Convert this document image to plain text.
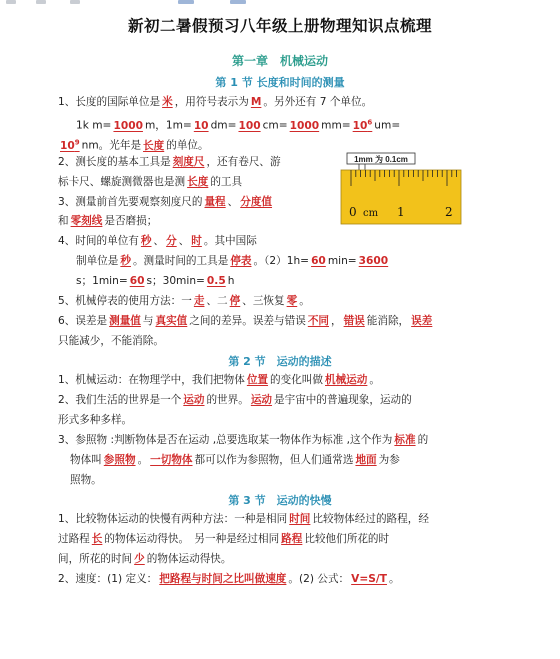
新初二暑假预习八年级上册物理知识点梳理
第一章　机械运动
第 1 节 长度和时间的测量
1、长度的国际单位是 米 ，用符号表示为 M 。另外还有 7 个单位。
1k m= 1000 m，1m= 10 dm= 100 cm= 1000 $mm= 10^6$ um=
$10^9$ nm。光年是 长度 的单位。
2、测长度的基本工具是 刻度尺 ，还有卷尺、游
标卡尺、螺旋测微器也是测 长度 的工具
3、测量前首先要观察刻度尺的 量程 、 分度值
和 零刻线 是否磨损；
4、时间的单位有 秒 、 分 、 时 。其中国际
制单位是 秒 。测量时间的工具是 停表 。（2）1h= 60 min= 3600
s；1min= 60 s；30min= 0.5 h
5、机械停表的使用方法：一 走 、二 停 、三恢复 零 。
6、误差是 测量值 与 真实值 之间的差异。误差与错误 不同 ， 错误 能消除， 误差
只能减少，不能消除。
1mm 为 0.1cm
0 cm 1	2
第 2 节　运动的描述
1、机械运动：在物理学中，我们把物体 位置 的变化叫做 机械运动 。
2、我们生活的世界是一个 运动 的世界。 运动 是宇宙中的普遍现象，运动的
形式多种多样。
3、参照物 :判断物体是否在运动 ,总要选取某一物体作为标准 ,这个作为 标准 的
物体叫 参照物 。 一切物体 都可以作为参照物，但人们通常选 地面 为参
照物。
第 3 节　运动的快慢
1、比较物体运动的快慢有两种方法：一种是相同 时间 比较物体经过的路程，经
过路程 长 的物体运动得快。　另一种是经过相同 路程 比较他们所花的时
间，所花的时间 少 的物体运动得快。
2、速度：(1) 定义： 把路程与时间之比叫做速度 。(2) 公式： V=S/T 。
